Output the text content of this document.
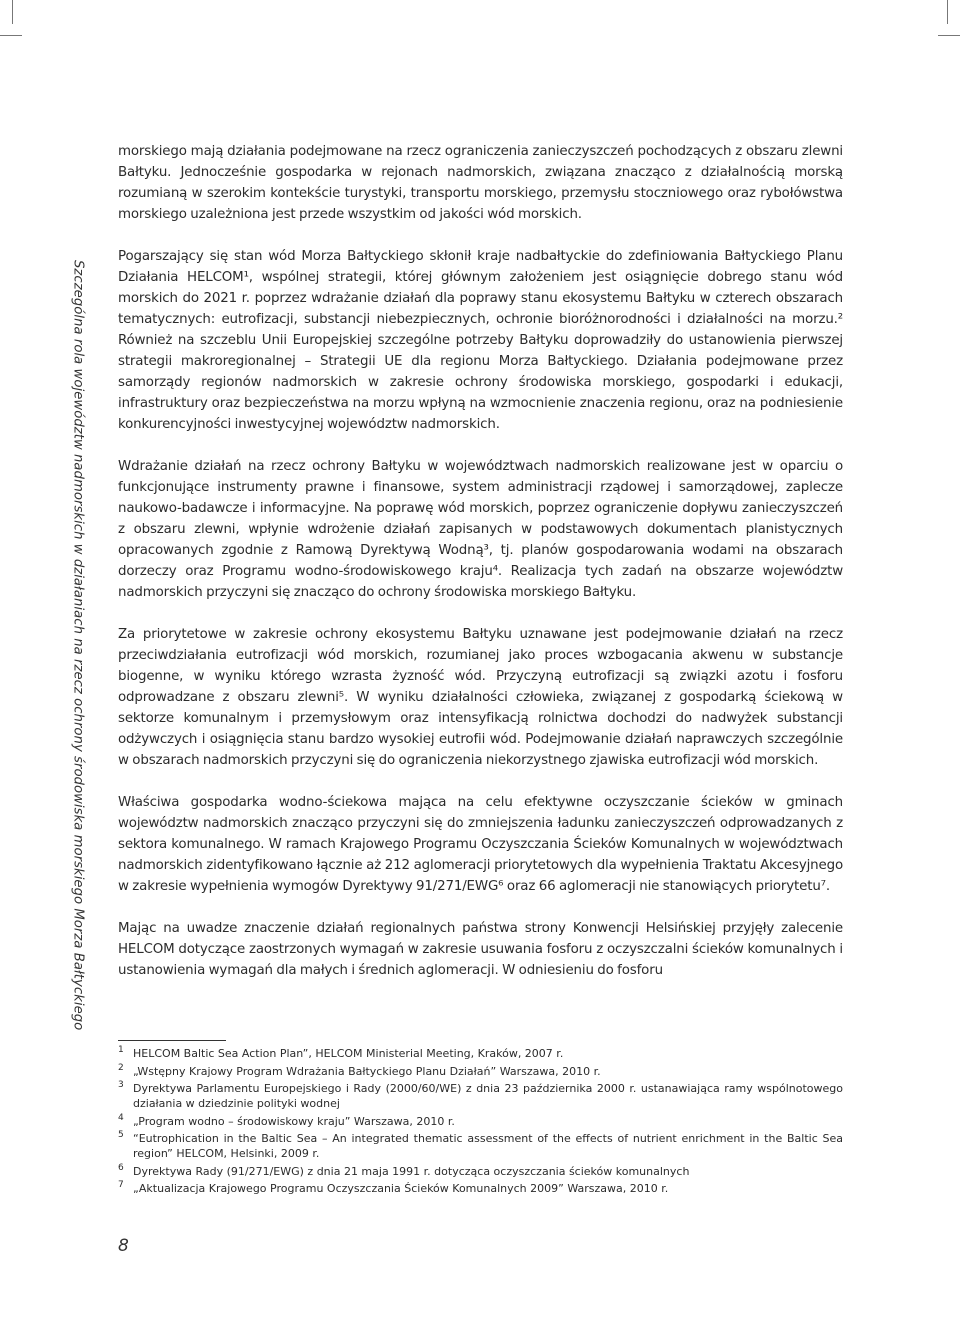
Szczególna rola województw nadmorskich w działaniach na rzecz ochrony środowiska morskiego Morza Bałtyckiego

morskiego mają działania podejmowane na rzecz ograniczenia zanieczyszczeń pochodzących z obszaru zlewni Bałtyku. Jednocześnie gospodarka w rejonach nadmorskich, związana znacząco z działalnością morską rozumianą w szerokim kontekście turystyki, transportu morskiego, przemysłu stoczniowego oraz rybołówstwa morskiego uzależniona jest przede wszystkim od jakości wód morskich.

Pogarszający się stan wód Morza Bałtyckiego skłonił kraje nadbałtyckie do zdefiniowania Bałtyckiego Planu Działania HELCOM¹, wspólnej strategii, której głównym założeniem jest osiągnięcie dobrego stanu wód morskich do 2021 r. poprzez wdrażanie działań dla poprawy stanu ekosystemu Bałtyku w czterech obszarach tematycznych: eutrofizacji, substancji niebezpiecznych, ochronie bioróżnorodności i działalności na morzu.² Również na szczeblu Unii Europejskiej szczególne potrzeby Bałtyku doprowadziły do ustanowienia pierwszej strategii makroregionalnej – Strategii UE dla regionu Morza Bałtyckiego. Działania podejmowane przez samorządy regionów nadmorskich w zakresie ochrony środowiska morskiego, gospodarki i edukacji, infrastruktury oraz bezpieczeństwa na morzu wpłyną na wzmocnienie znaczenia regionu, oraz na podniesienie konkurencyjności inwestycyjnej województw nadmorskich.

Wdrażanie działań na rzecz ochrony Bałtyku w województwach nadmorskich realizowane jest w oparciu o funkcjonujące instrumenty prawne i finansowe, system administracji rządowej i samorządowej, zaplecze naukowo-badawcze i informacyjne. Na poprawę wód morskich, poprzez ograniczenie dopływu zanieczyszczeń z obszaru zlewni, wpłynie wdrożenie działań zapisanych w podstawowych dokumentach planistycznych opracowanych zgodnie z Ramową Dyrektywą Wodną³, tj. planów gospodarowania wodami na obszarach dorzeczy oraz Programu wodno-środowiskowego kraju⁴. Realizacja tych zadań na obszarze województw nadmorskich przyczyni się znacząco do ochrony środowiska morskiego Bałtyku.

Za priorytetowe w zakresie ochrony ekosystemu Bałtyku uznawane jest podejmowanie działań na rzecz przeciwdziałania eutrofizacji wód morskich, rozumianej jako proces wzbogacania akwenu w substancje biogenne, w wyniku którego wzrasta żyzność wód. Przyczyną eutrofizacji są związki azotu i fosforu odprowadzane z obszaru zlewni⁵. W wyniku działalności człowieka, związanej z gospodarką ściekową w sektorze komunalnym i przemysłowym oraz intensyfikacją rolnictwa dochodzi do nadwyżek substancji odżywczych i osiągnięcia stanu bardzo wysokiej eutrofii wód. Podejmowanie działań naprawczych szczególnie w obszarach nadmorskich przyczyni się do ograniczenia niekorzystnego zjawiska eutrofizacji wód morskich.

Właściwa gospodarka wodno-ściekowa mająca na celu efektywne oczyszczanie ścieków w gminach województw nadmorskich znacząco przyczyni się do zmniejszenia ładunku zanieczyszczeń odprowadzanych z sektora komunalnego. W ramach Krajowego Programu Oczyszczania Ścieków Komunalnych w województwach nadmorskich zidentyfikowano łącznie aż 212 aglomeracji priorytetowych dla wypełnienia Traktatu Akcesyjnego w zakresie wypełnienia wymogów Dyrektywy 91/271/EWG⁶ oraz 66 aglomeracji nie stanowiących priorytetu⁷.

Mając na uwadze znaczenie działań regionalnych państwa strony Konwencji Helsińskiej przyjęły zalecenie HELCOM dotyczące zaostrzonych wymagań w zakresie usuwania fosforu z oczyszczalni ścieków komunalnych i ustanowienia wymagań dla małych i średnich aglomeracji. W odniesieniu do fosforu

1 HELCOM Baltic Sea Action Plan”, HELCOM Ministerial Meeting, Kraków, 2007 r.
2 „Wstępny Krajowy Program Wdrażania Bałtyckiego Planu Działań” Warszawa, 2010 r.
3 Dyrektywa Parlamentu Europejskiego i Rady (2000/60/WE) z dnia 23 października 2000 r. ustanawiająca ramy wspólnotowego działania w dziedzinie polityki wodnej
4 „Program wodno – środowiskowy kraju” Warszawa, 2010 r.
5 “Eutrophication in the Baltic Sea – An integrated thematic assessment of the effects of nutrient enrichment in the Baltic Sea region” HELCOM, Helsinki, 2009 r.
6 Dyrektywa Rady (91/271/EWG) z dnia 21 maja 1991 r. dotycząca oczyszczania ścieków komunalnych
7 „Aktualizacja Krajowego Programu Oczyszczania Ścieków Komunalnych 2009” Warszawa, 2010 r.
8
